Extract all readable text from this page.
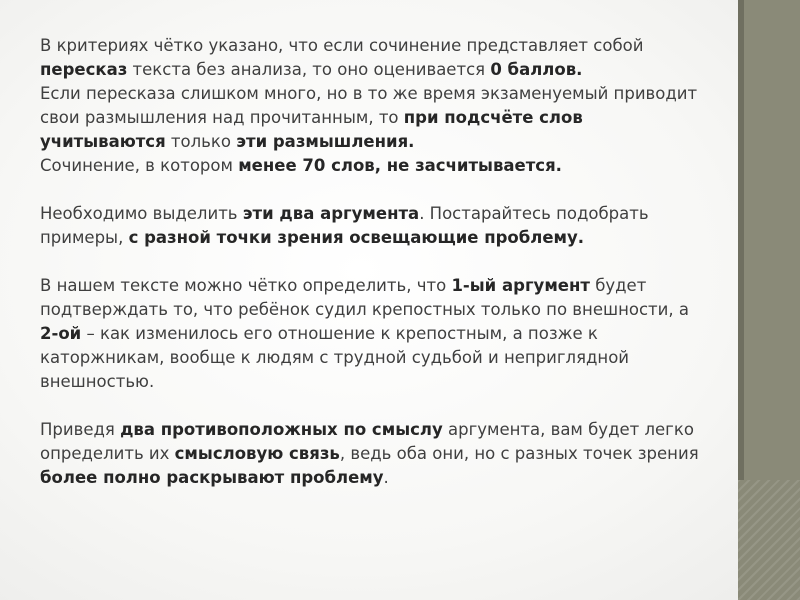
В критериях чётко указано, что если сочинение представляет собой пересказ текста без анализа, то оно оценивается 0 баллов.

Если пересказа слишком много, но в то же время экзаменуемый приводит свои размышления над прочитанным, то при подсчёте слов учитываются только эти размышления.

Сочинение, в котором менее 70 слов, не засчитывается.

Необходимо выделить эти два аргумента. Постарайтесь подобрать примеры, с разной точки зрения освещающие проблему.

В нашем тексте можно чётко определить, что 1-ый аргумент будет подтверждать то, что ребёнок судил крепостных только по внешности, а 2-ой – как изменилось его отношение к крепостным, а позже к каторжникам, вообще к людям с трудной судьбой и неприглядной внешностью.

Приведя два противоположных по смыслу аргумента, вам будет легко определить их смысловую связь, ведь оба они, но с разных точек зрения более полно раскрывают проблему.
